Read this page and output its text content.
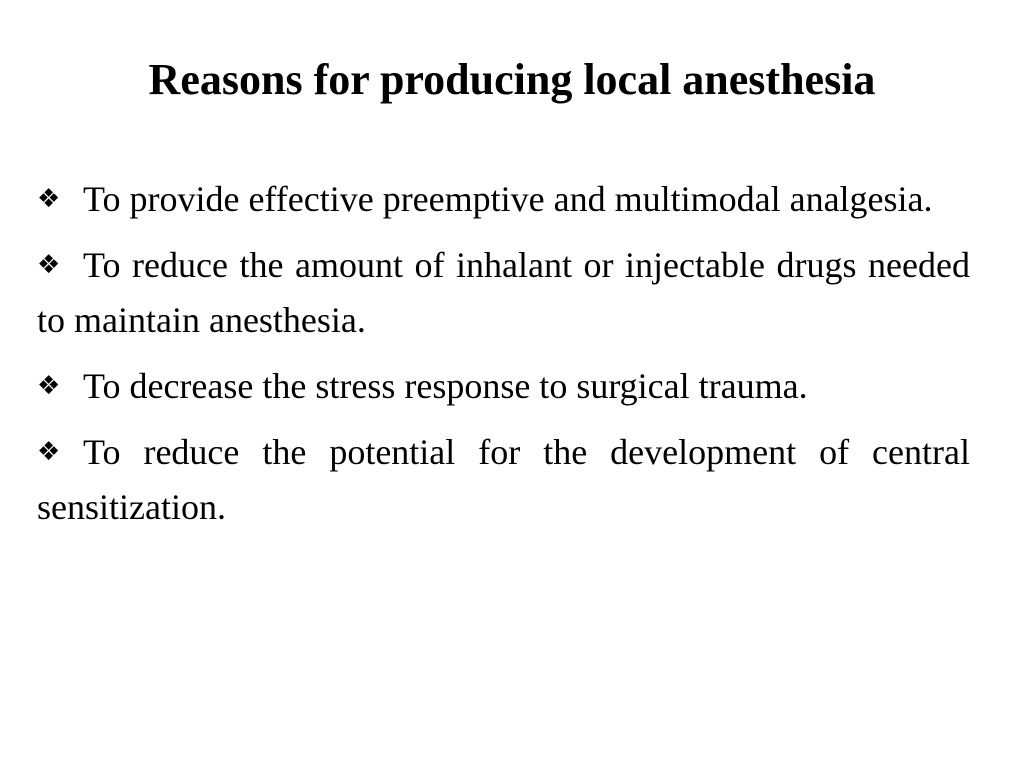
Reasons for producing local anesthesia
❖ To provide effective preemptive and multimodal analgesia.
❖ To reduce the amount of inhalant or injectable drugs needed to maintain anesthesia.
❖ To decrease the stress response to surgical trauma.
❖ To reduce the potential for the development of central sensitization.
